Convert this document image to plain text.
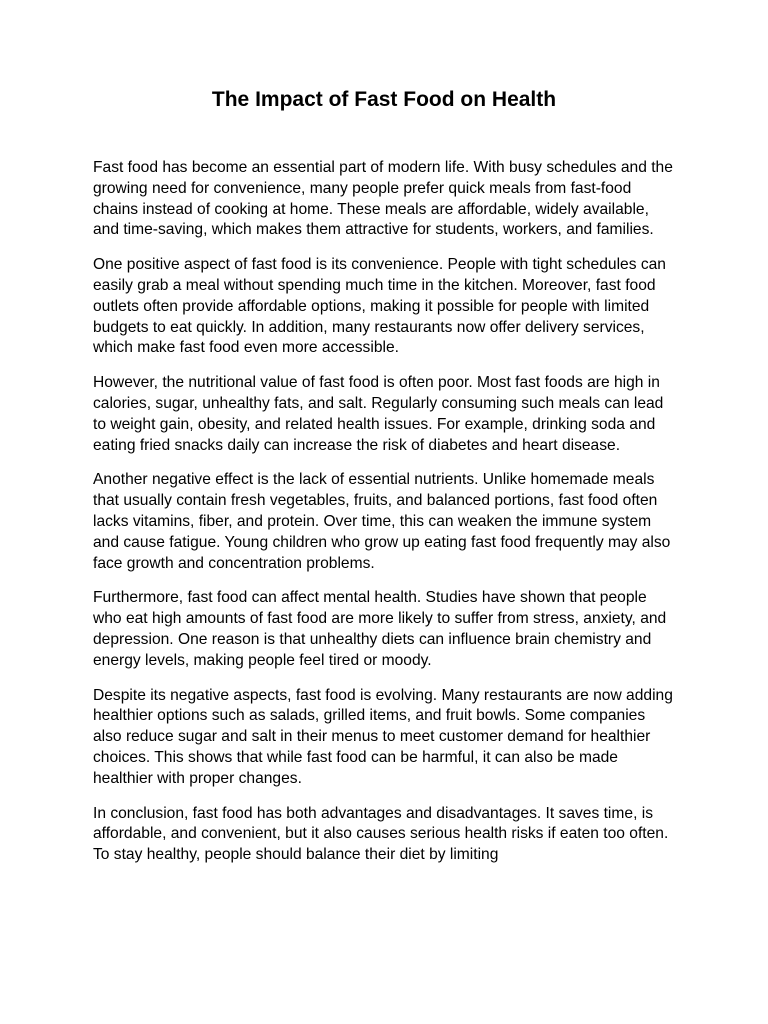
The Impact of Fast Food on Health

Fast food has become an essential part of modern life. With busy schedules and the growing need for convenience, many people prefer quick meals from fast-food chains instead of cooking at home. These meals are affordable, widely available, and time-saving, which makes them attractive for students, workers, and families.

One positive aspect of fast food is its convenience. People with tight schedules can easily grab a meal without spending much time in the kitchen. Moreover, fast food outlets often provide affordable options, making it possible for people with limited budgets to eat quickly. In addition, many restaurants now offer delivery services, which make fast food even more accessible.

However, the nutritional value of fast food is often poor. Most fast foods are high in calories, sugar, unhealthy fats, and salt. Regularly consuming such meals can lead to weight gain, obesity, and related health issues. For example, drinking soda and eating fried snacks daily can increase the risk of diabetes and heart disease.

Another negative effect is the lack of essential nutrients. Unlike homemade meals that usually contain fresh vegetables, fruits, and balanced portions, fast food often lacks vitamins, fiber, and protein. Over time, this can weaken the immune system and cause fatigue. Young children who grow up eating fast food frequently may also face growth and concentration problems.

Furthermore, fast food can affect mental health. Studies have shown that people who eat high amounts of fast food are more likely to suffer from stress, anxiety, and depression. One reason is that unhealthy diets can influence brain chemistry and energy levels, making people feel tired or moody.

Despite its negative aspects, fast food is evolving. Many restaurants are now adding healthier options such as salads, grilled items, and fruit bowls. Some companies also reduce sugar and salt in their menus to meet customer demand for healthier choices. This shows that while fast food can be harmful, it can also be made healthier with proper changes.

In conclusion, fast food has both advantages and disadvantages. It saves time, is affordable, and convenient, but it also causes serious health risks if eaten too often. To stay healthy, people should balance their diet by limiting
